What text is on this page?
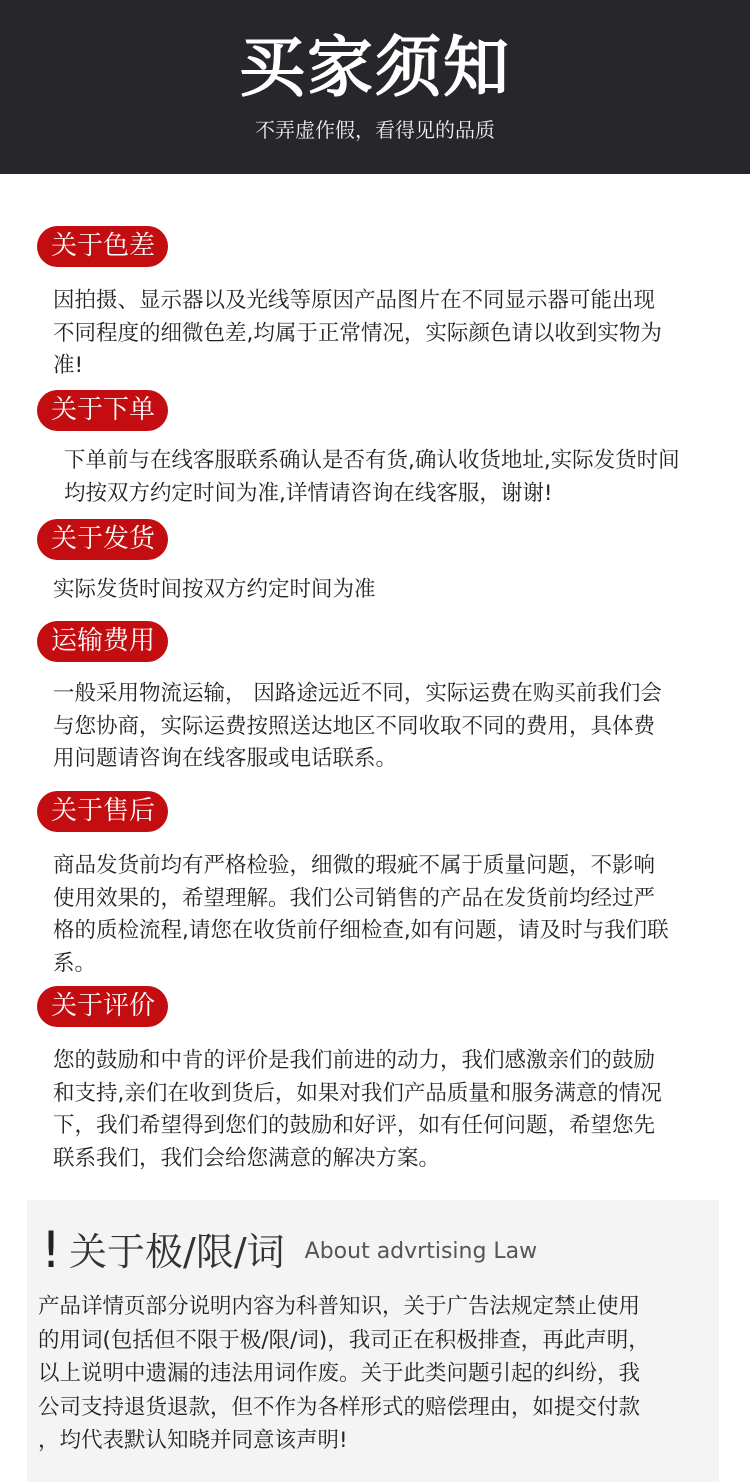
买家须知
不弄虚作假，看得见的品质
关于色差
因拍摄、显示器以及光线等原因产品图片在不同显示器可能出现
不同程度的细微色差,均属于正常情况，实际颜色请以收到实物为
准!
关于下单
下单前与在线客服联系确认是否有货,确认收货地址,实际发货时间
均按双方约定时间为准,详情请咨询在线客服，谢谢!
关于发货
实际发货时间按双方约定时间为准
运输费用
一般采用物流运输， 因路途远近不同，实际运费在购买前我们会
与您协商，实际运费按照送达地区不同收取不同的费用，具体费
用问题请咨询在线客服或电话联系。
关于售后
商品发货前均有严格检验，细微的瑕疵不属于质量问题，不影响
使用效果的，希望理解。我们公司销售的产品在发货前均经过严
格的质检流程,请您在收货前仔细检查,如有问题，请及时与我们联
系。
关于评价
您的鼓励和中肯的评价是我们前进的动力，我们感激亲们的鼓励
和支持,亲们在收到货后，如果对我们产品质量和服务满意的情况
下，我们希望得到您们的鼓励和好评，如有任何问题，希望您先
联系我们，我们会给您满意的解决方案。
! 关于极/限/词 About advrtising Law
产品详情页部分说明内容为科普知识，关于广告法规定禁止使用
的用词(包括但不限于极/限/词)，我司正在积极排查，再此声明，
以上说明中遗漏的违法用词作废。关于此类问题引起的纠纷，我
公司支持退货退款，但不作为各样形式的赔偿理由，如提交付款
，均代表默认知晓并同意该声明!
